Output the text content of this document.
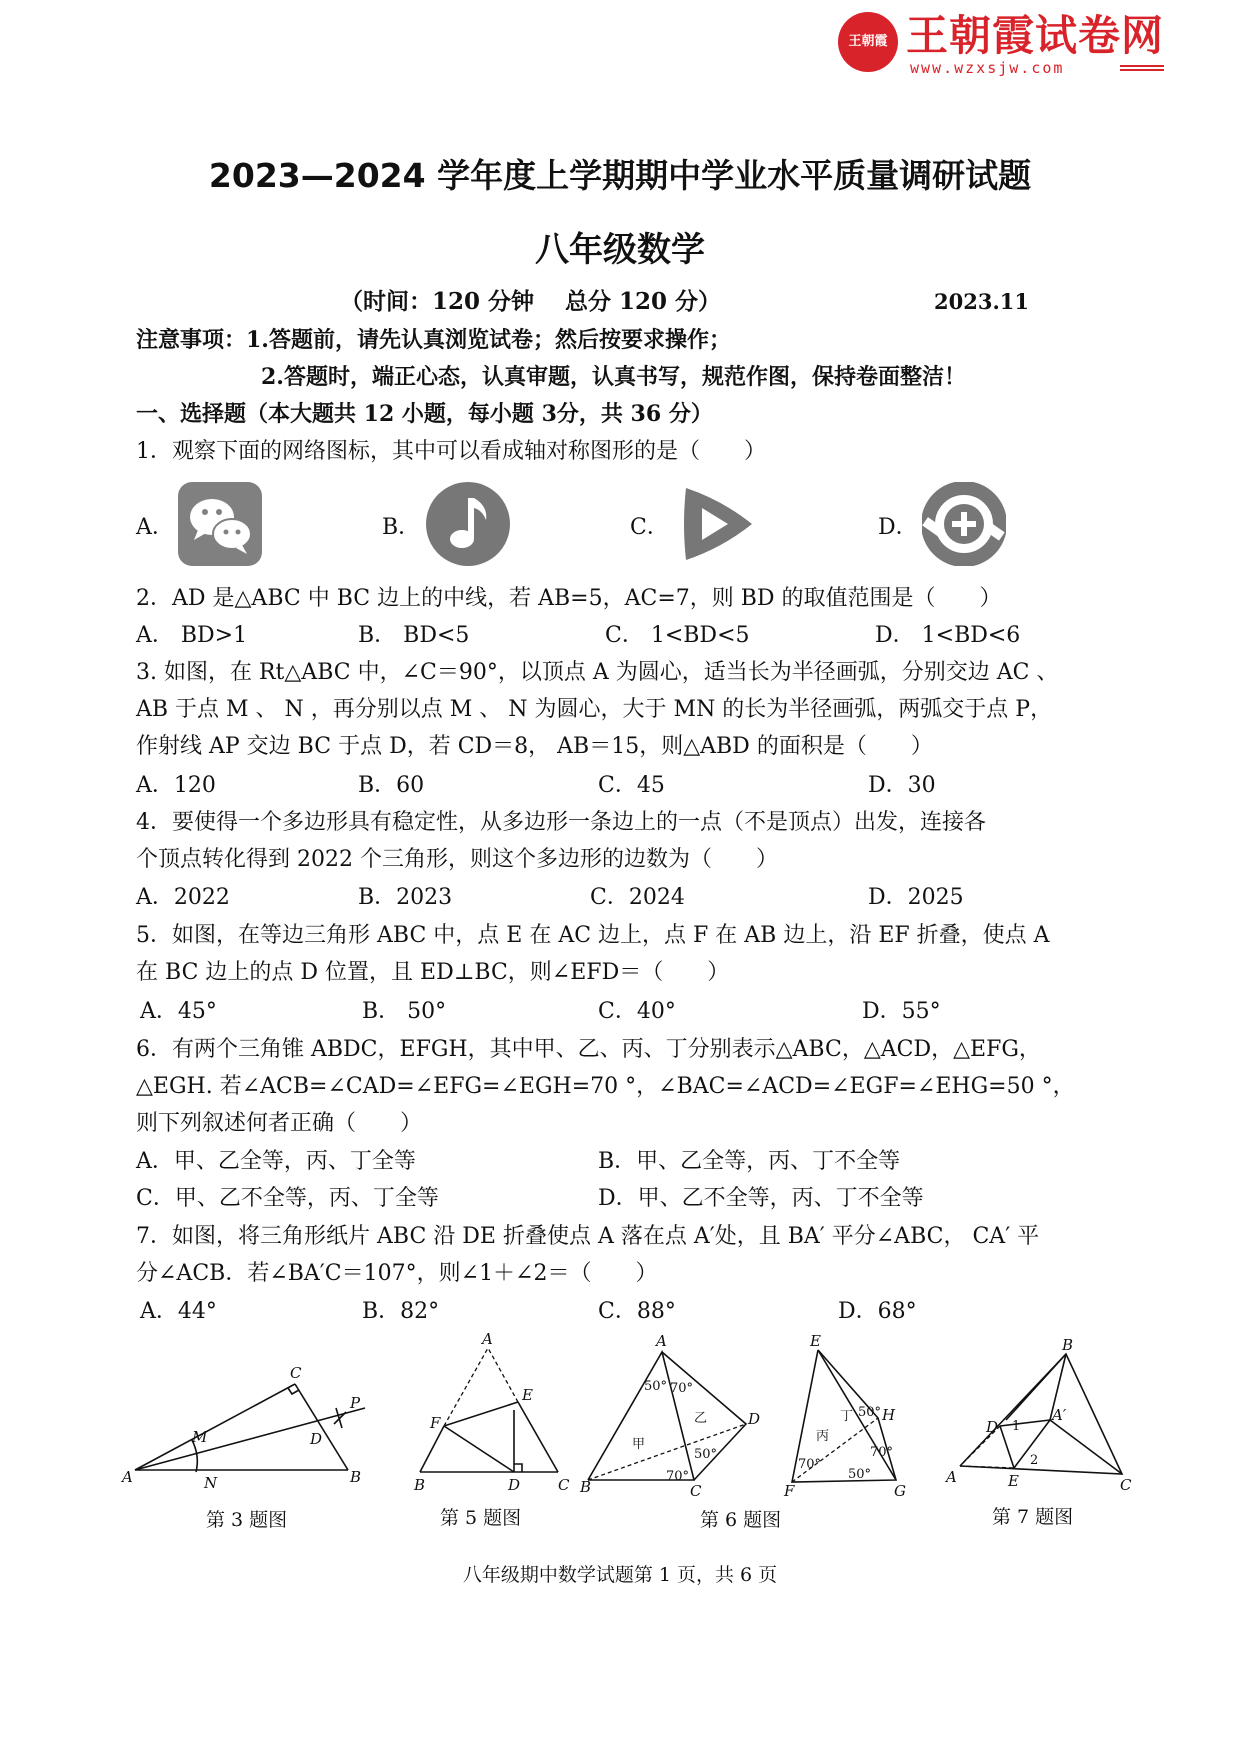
王朝霞 王朝霞试卷网
www.wzxsjw.com
2023—2024 学年度上学期期中学业水平质量调研试题
八年级数学
（时间：120 分钟　 总分 120 分）	2023.11
注意事项：1.答题前，请先认真浏览试卷；然后按要求操作；
2.答题时，端正心态，认真审题，认真书写，规范作图，保持卷面整洁！
一、选择题（本大题共 12 小题，每小题 3分，共 36 分）
1．观察下面的网络图标，其中可以看成轴对称图形的是（　　）
A．	B．	C．	D．
2．AD 是△ABC 中 BC 边上的中线，若 AB=5，AC=7，则 BD 的取值范围是（　　）
A． BD>1	B． BD<5	C． 1<BD<5	D． 1<BD<6
3. 如图，在 Rt△ABC 中，∠C＝90°，以顶点 A 为圆心，适当长为半径画弧，分别交边 AC 、
AB 于点 M 、 N ，再分别以点 M 、 N 为圆心，大于 MN 的长为半径画弧，两弧交于点 P，
作射线 AP 交边 BC 于点 D，若 CD＝8， AB＝15，则△ABD 的面积是（　　）
A．120	B．60	C．45	D．30
4．要使得一个多边形具有稳定性，从多边形一条边上的一点（不是顶点）出发，连接各
个顶点转化得到 2022 个三角形，则这个多边形的边数为（　　）
A．2022	B．2023	C．2024	D．2025
5．如图，在等边三角形 ABC 中，点 E 在 AC 边上，点 F 在 AB 边上，沿 EF 折叠，使点 A
在 BC 边上的点 D 位置，且 ED⊥BC，则∠EFD＝（　　）
A．45°	B． 50°	C．40°	D．55°
6．有两个三角锥 ABDC，EFGH，其中甲、乙、丙、丁分别表示△ABC，△ACD，△EFG，
△EGH. 若∠ACB=∠CAD=∠EFG=∠EGH=70 °，∠BAC=∠ACD=∠EGF=∠EHG=50 °，
则下列叙述何者正确（　　）
A．甲、乙全等，丙、丁全等	B．甲、乙全等，丙、丁不全等
C．甲、乙不全等，丙、丁全等	D．甲、乙不全等，丙、丁不全等
7．如图，将三角形纸片 ABC 沿 DE 折叠使点 A 落在点 A′处，且 BA′ 平分∠ABC， CA′ 平
分∠ACB．若∠BA′C＝107°，则∠1＋∠2＝（　　）
A．44°	B．82°	C．88°	D．68°
A	B
C
D
M
N
P
第 3 题图
A
B	C
D
E
F
第 5 题图
A
B	C
D
E
F	G
H
甲
乙
丙
丁
50° 70°
70°
50°
50°
70°
70°
50°
第 6 题图
A′
B
C
D
E
A
1
2
第 7 题图
八年级期中数学试题第 1 页，共 6 页
